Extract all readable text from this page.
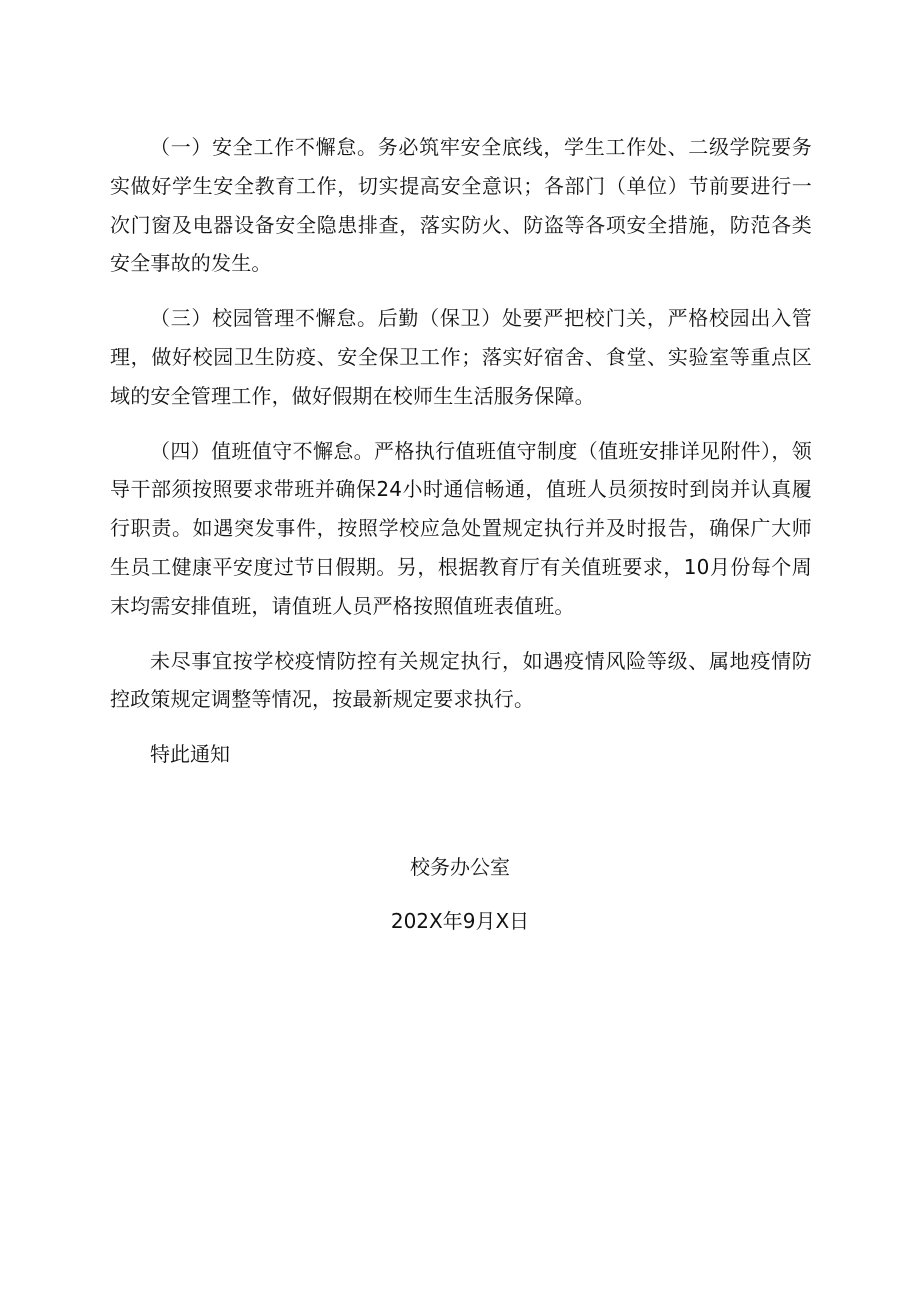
（一）安全工作不懈怠。务必筑牢安全底线，学生工作处、二级学院要务实做好学生安全教育工作，切实提高安全意识；各部门（单位）节前要进行一次门窗及电器设备安全隐患排查，落实防火、防盗等各项安全措施，防范各类安全事故的发生。

（三）校园管理不懈怠。后勤（保卫）处要严把校门关，严格校园出入管理，做好校园卫生防疫、安全保卫工作；落实好宿舍、食堂、实验室等重点区域的安全管理工作，做好假期在校师生生活服务保障。

（四）值班值守不懈怠。严格执行值班值守制度（值班安排详见附件），领导干部须按照要求带班并确保24小时通信畅通，值班人员须按时到岗并认真履行职责。如遇突发事件，按照学校应急处置规定执行并及时报告，确保广大师生员工健康平安度过节日假期。另，根据教育厅有关值班要求，10月份每个周末均需安排值班，请值班人员严格按照值班表值班。

未尽事宜按学校疫情防控有关规定执行，如遇疫情风险等级、属地疫情防控政策规定调整等情况，按最新规定要求执行。

特此通知

校务办公室
202X年9月X日
